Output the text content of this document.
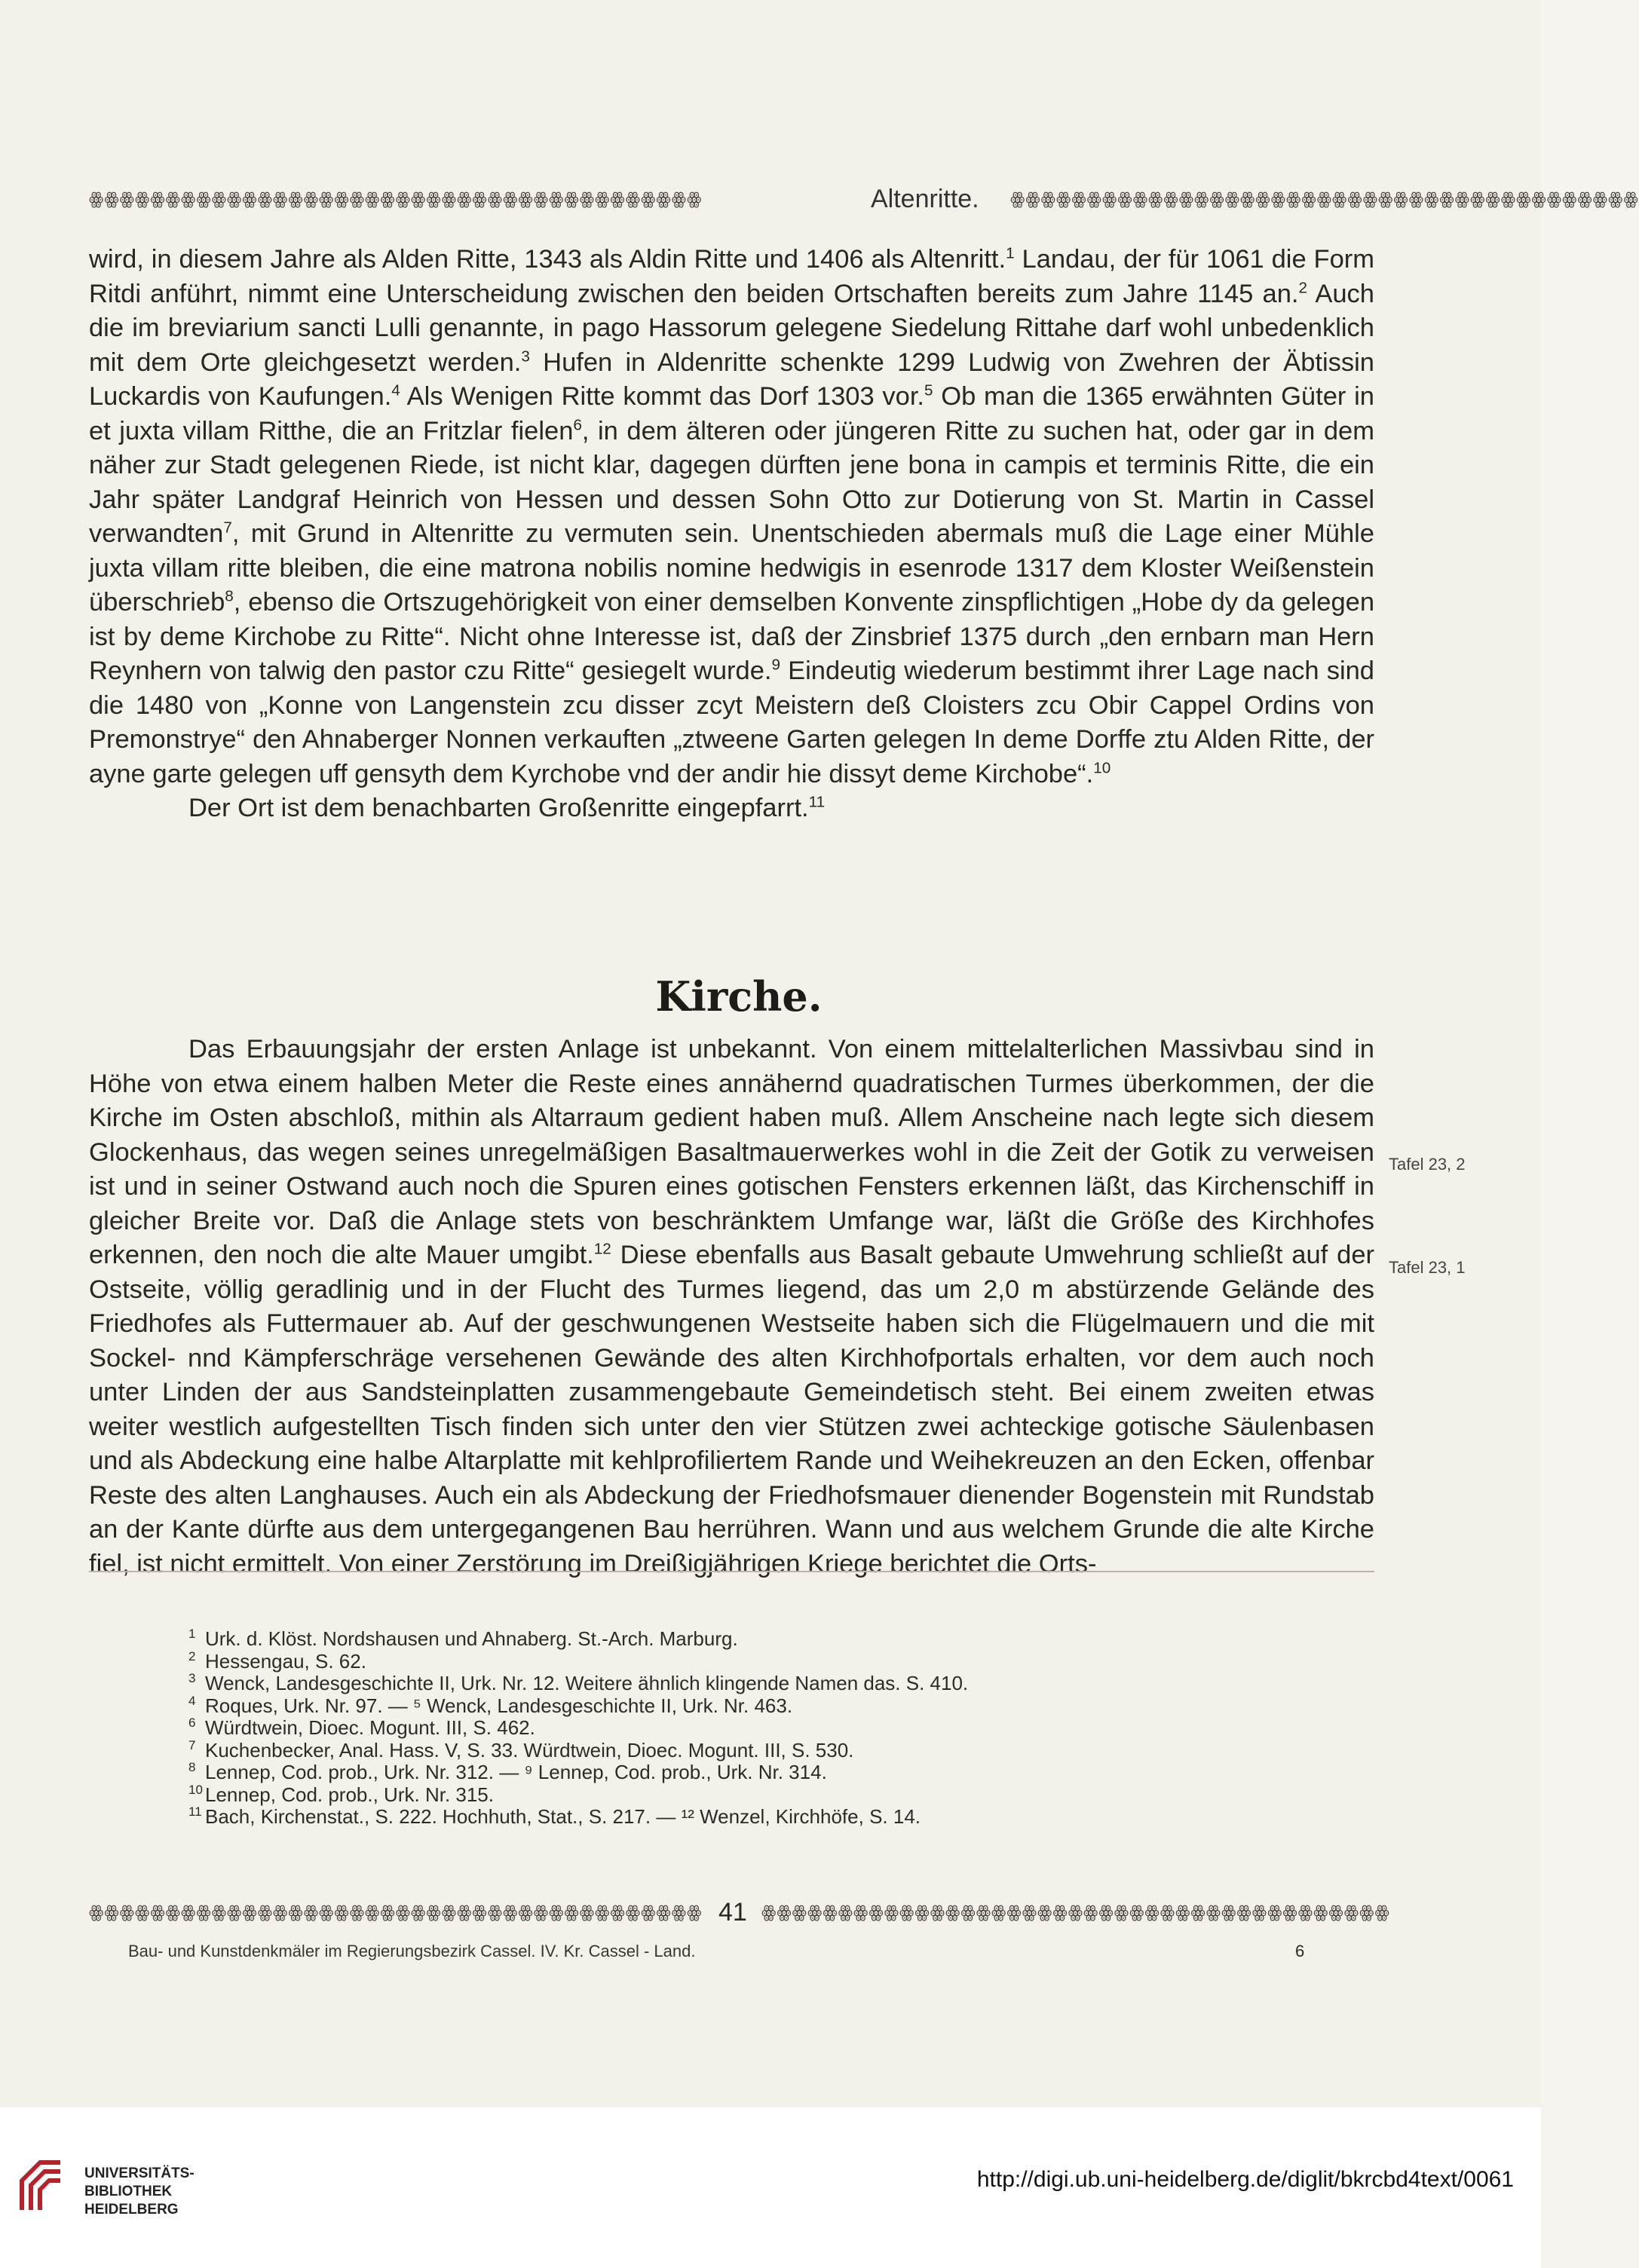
ꙮꙮꙮꙮꙮꙮꙮꙮꙮꙮꙮꙮꙮꙮꙮꙮꙮꙮꙮꙮꙮꙮꙮꙮꙮꙮꙮꙮꙮꙮꙮꙮꙮꙮꙮꙮꙮꙮꙮꙮ	Altenritte. ꙮꙮꙮꙮꙮꙮꙮꙮꙮꙮꙮꙮꙮꙮꙮꙮꙮꙮꙮꙮꙮꙮꙮꙮꙮꙮꙮꙮꙮꙮꙮꙮꙮꙮꙮꙮꙮꙮꙮꙮꙮ

wird, in diesem Jahre als Alden Ritte, 1343 als Aldin Ritte und 1406 als Altenritt.$^1$ Landau, der für 1061 die Form Ritdi anführt, nimmt eine Unterscheidung zwischen den beiden Ortschaften bereits zum Jahre 1145 an.$^2$ Auch die im breviarium sancti Lulli genannte, in pago Hassorum gelegene Siedelung Rittahe darf wohl unbedenklich mit dem Orte gleichgesetzt werden.$^3$ Hufen in Aldenritte schenkte 1299 Ludwig von Zwehren der Äbtissin Luckardis von Kaufungen.$^4$ Als Wenigen Ritte kommt das Dorf 1303 vor.$^5$ Ob man die 1365 erwähnten Güter in et juxta villam Ritthe, die an Fritzlar fielen$^6$, in dem älteren oder jüngeren Ritte zu suchen hat, oder gar in dem näher zur Stadt gelegenen Riede, ist nicht klar, dagegen dürften jene bona in campis et terminis Ritte, die ein Jahr später Landgraf Heinrich von Hessen und dessen Sohn Otto zur Dotierung von St. Martin in Cassel verwandten$^7$, mit Grund in Altenritte zu vermuten sein. Unentschieden abermals muß die Lage einer Mühle juxta villam ritte bleiben, die eine matrona nobilis nomine hedwigis in esenrode 1317 dem Kloster Weißenstein überschrieb$^8$, ebenso die Ortszugehörigkeit von einer demselben Konvente zinspflichtigen „Hobe dy da gelegen ist by deme Kirchobe zu Ritte“. Nicht ohne Interesse ist, daß der Zinsbrief 1375 durch „den ernbarn man Hern Reynhern von talwig den pastor czu Ritte“ gesiegelt wurde.$^9$ Eindeutig wiederum bestimmt ihrer Lage nach sind die 1480 von „Konne von Langenstein zcu disser zcyt Meistern deß Cloisters zcu Obir Cappel Ordins von Premonstrye“ den Ahnaberger Nonnen verkauften „ztweene Garten gelegen In deme Dorffe ztu Alden Ritte, der ayne garte gelegen uff gensyth dem Kyrchobe vnd der andir hie dissyt deme Kirchobe“.$^{10}$

Der Ort ist dem benachbarten Großenritte eingepfarrt.$^{11}$

Kirche.

Das Erbauungsjahr der ersten Anlage ist unbekannt. Von einem mittelalterlichen Massivbau sind in Höhe von etwa einem halben Meter die Reste eines annähernd quadratischen Turmes überkommen, der die Kirche im Osten abschloß, mithin als Altarraum gedient haben muß. Allem Anscheine nach legte sich diesem Glockenhaus, das wegen seines unregelmäßigen Basaltmauerwerkes wohl in die Zeit der Gotik zu verweisen ist und in seiner Ostwand auch noch die Spuren eines gotischen Fensters erkennen läßt, das Kirchenschiff in gleicher Breite vor. Daß die Anlage stets von beschränktem Umfange war, läßt die Größe des Kirchhofes erkennen, den noch die alte Mauer umgibt.$^{12}$ Diese ebenfalls aus Basalt gebaute Umwehrung schließt auf der Ostseite, völlig geradlinig und in der Flucht des Turmes liegend, das um 2,0 m abstürzende Gelände des Friedhofes als Futtermauer ab. Auf der geschwungenen Westseite haben sich die Flügelmauern und die mit Sockel- nnd Kämpferschräge versehenen Gewände des alten Kirchhofportals erhalten, vor dem auch noch unter Linden der aus Sandsteinplatten zusammengebaute Gemeindetisch steht. Bei einem zweiten etwas weiter westlich aufgestellten Tisch finden sich unter den vier Stützen zwei achteckige gotische Säulenbasen und als Abdeckung eine halbe Altarplatte mit kehlprofiliertem Rande und Weihekreuzen an den Ecken, offenbar Reste des alten Langhauses. Auch ein als Abdeckung der Friedhofsmauer dienender Bogenstein mit Rundstab an der Kante dürfte aus dem untergegangenen Bau herrühren. Wann und aus welchem Grunde die alte Kirche fiel, ist nicht ermittelt. Von einer Zerstörung im Dreißigjährigen Kriege berichtet die Orts-

Tafel 23, 2
Tafel 23, 1
1 Urk. d. Klöst. Nordshausen und Ahnaberg. St.-Arch. Marburg.
2 Hessengau, S. 62.
3 Wenck, Landesgeschichte II, Urk. Nr. 12. Weitere ähnlich klingende Namen das. S. 410.
4 Roques, Urk. Nr. 97. — ⁵ Wenck, Landesgeschichte II, Urk. Nr. 463.
6 Würdtwein, Dioec. Mogunt. III, S. 462.
7 Kuchenbecker, Anal. Hass. V, S. 33. Würdtwein, Dioec. Mogunt. III, S. 530.
8 Lennep, Cod. prob., Urk. Nr. 312. — ⁹ Lennep, Cod. prob., Urk. Nr. 314.
10 Lennep, Cod. prob., Urk. Nr. 315.
11 Bach, Kirchenstat., S. 222. Hochhuth, Stat., S. 217. — ¹² Wenzel, Kirchhöfe, S. 14.
ꙮꙮꙮꙮꙮꙮꙮꙮꙮꙮꙮꙮꙮꙮꙮꙮꙮꙮꙮꙮꙮꙮꙮꙮꙮꙮꙮꙮꙮꙮꙮꙮꙮꙮꙮꙮꙮꙮꙮꙮ 41 ꙮꙮꙮꙮꙮꙮꙮꙮꙮꙮꙮꙮꙮꙮꙮꙮꙮꙮꙮꙮꙮꙮꙮꙮꙮꙮꙮꙮꙮꙮꙮꙮꙮꙮꙮꙮꙮꙮꙮꙮꙮ
Bau- und Kunstdenkmäler im Regierungsbezirk Cassel. IV. Kr. Cassel - Land.	6
UNIVERSITÄTS-
BIBLIOTHEK
HEIDELBERG
http://digi.ub.uni-heidelberg.de/diglit/bkrcbd4text/0061
